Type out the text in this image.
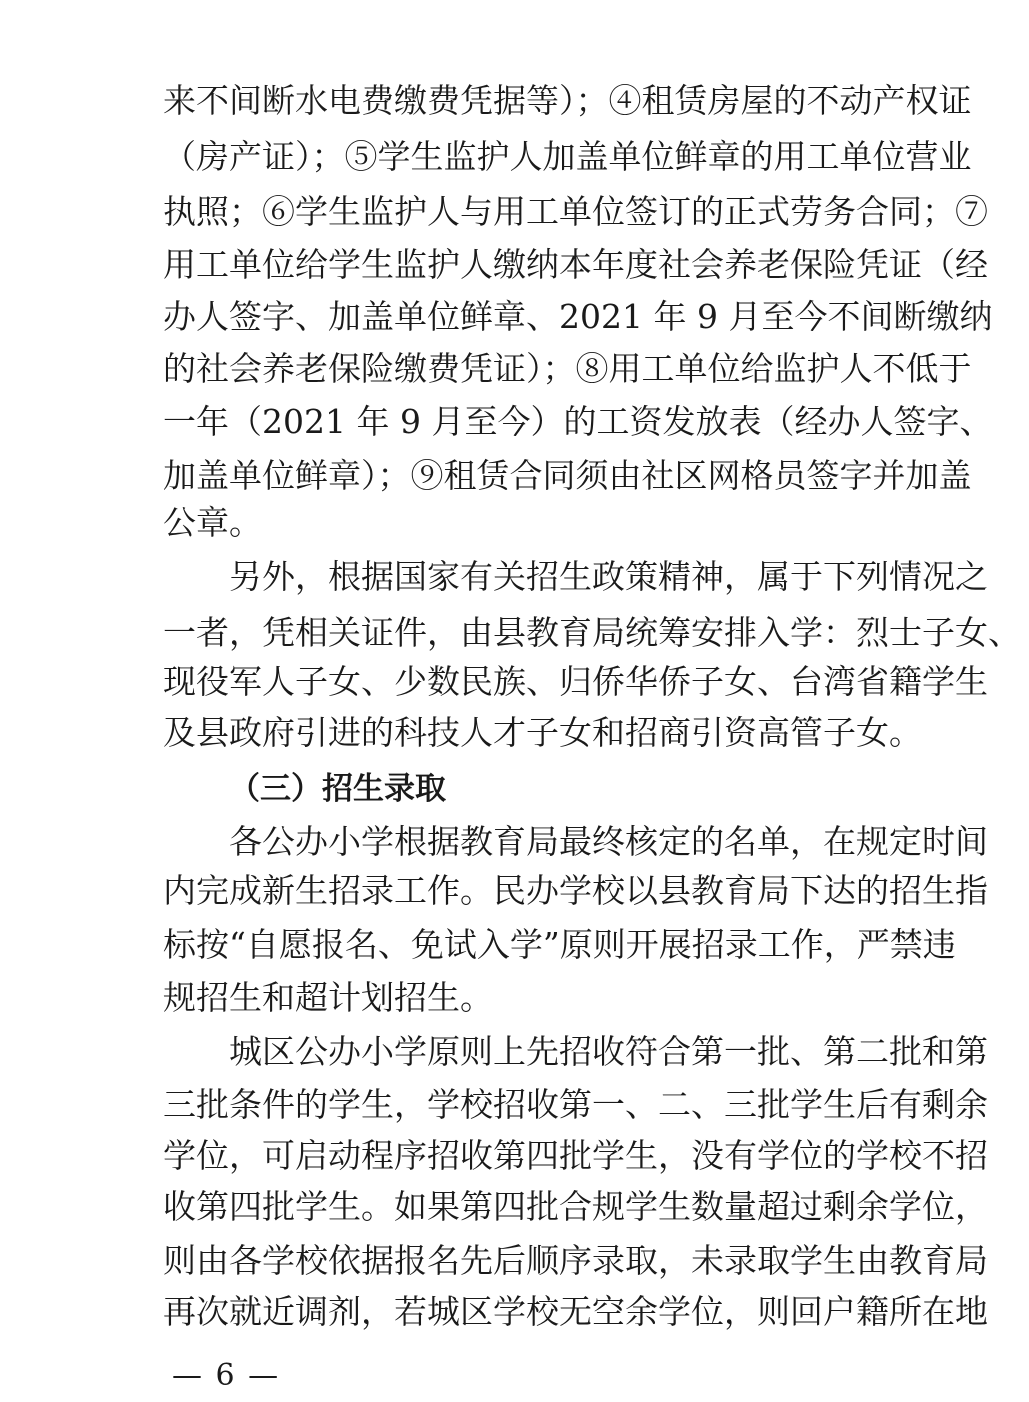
来不间断水电费缴费凭据等）；④租赁房屋的不动产权证
（房产证）；⑤学生监护人加盖单位鲜章的用工单位营业
执照；⑥学生监护人与用工单位签订的正式劳务合同；⑦
用工单位给学生监护人缴纳本年度社会养老保险凭证（经
办人签字、加盖单位鲜章、2021 年 9 月至今不间断缴纳
的社会养老保险缴费凭证）；⑧用工单位给监护人不低于
一年（2021 年 9 月至今）的工资发放表（经办人签字、
加盖单位鲜章）；⑨租赁合同须由社区网格员签字并加盖
公章。
另外，根据国家有关招生政策精神，属于下列情况之
一者，凭相关证件，由县教育局统筹安排入学：烈士子女、
现役军人子女、少数民族、归侨华侨子女、台湾省籍学生
及县政府引进的科技人才子女和招商引资高管子女。
（三）招生录取
各公办小学根据教育局最终核定的名单，在规定时间
内完成新生招录工作。民办学校以县教育局下达的招生指
标按“自愿报名、免试入学”原则开展招录工作，严禁违
规招生和超计划招生。
城区公办小学原则上先招收符合第一批、第二批和第
三批条件的学生，学校招收第一、二、三批学生后有剩余
学位，可启动程序招收第四批学生，没有学位的学校不招
收第四批学生。如果第四批合规学生数量超过剩余学位，
则由各学校依据报名先后顺序录取，未录取学生由教育局
再次就近调剂，若城区学校无空余学位，则回户籍所在地
— 6 —
